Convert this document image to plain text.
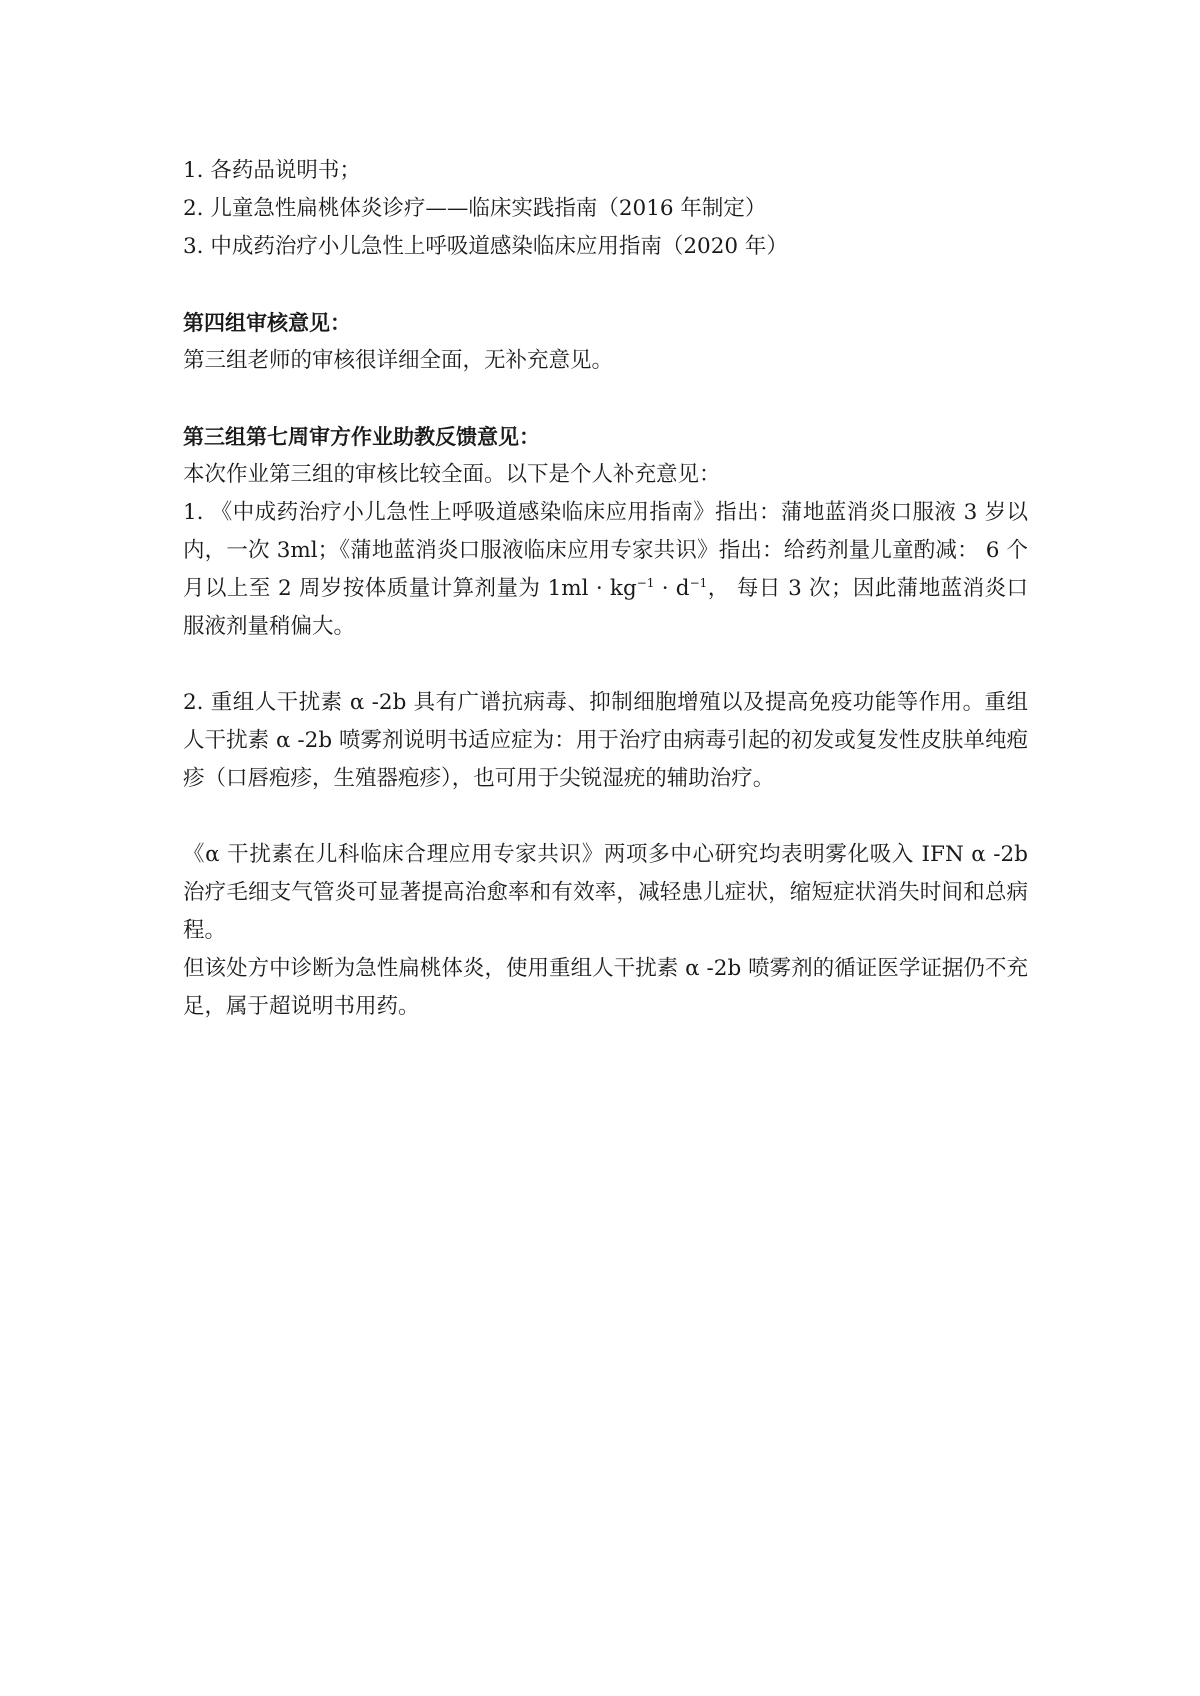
1. 各药品说明书；

2. 儿童急性扁桃体炎诊疗——临床实践指南（2016 年制定）

3. 中成药治疗小儿急性上呼吸道感染临床应用指南（2020 年）

第四组审核意见：

第三组老师的审核很详细全面，无补充意见。

第三组第七周审方作业助教反馈意见：

本次作业第三组的审核比较全面。以下是个人补充意见：

1. 《中成药治疗小儿急性上呼吸道感染临床应用指南》指出：蒲地蓝消炎口服液 3 岁以内，一次 3ml；《蒲地蓝消炎口服液临床应用专家共识》指出：给药剂量儿童酌减： 6 个月以上至 2 周岁按体质量计算剂量为 $1ml \cdot kg^{-1} \cdot d^{-1}$， 每日 3 次；因此蒲地蓝消炎口服液剂量稍偏大。

2. 重组人干扰素 α -2b 具有广谱抗病毒、抑制细胞增殖以及提高免疫功能等作用。重组人干扰素 α -2b 喷雾剂说明书适应症为：用于治疗由病毒引起的初发或复发性皮肤单纯疱疹（口唇疱疹，生殖器疱疹），也可用于尖锐湿疣的辅助治疗。

《α 干扰素在儿科临床合理应用专家共识》两项多中心研究均表明雾化吸入 IFN α -2b 治疗毛细支气管炎可显著提高治愈率和有效率，减轻患儿症状，缩短症状消失时间和总病程。

但该处方中诊断为急性扁桃体炎，使用重组人干扰素 α -2b 喷雾剂的循证医学证据仍不充足，属于超说明书用药。
